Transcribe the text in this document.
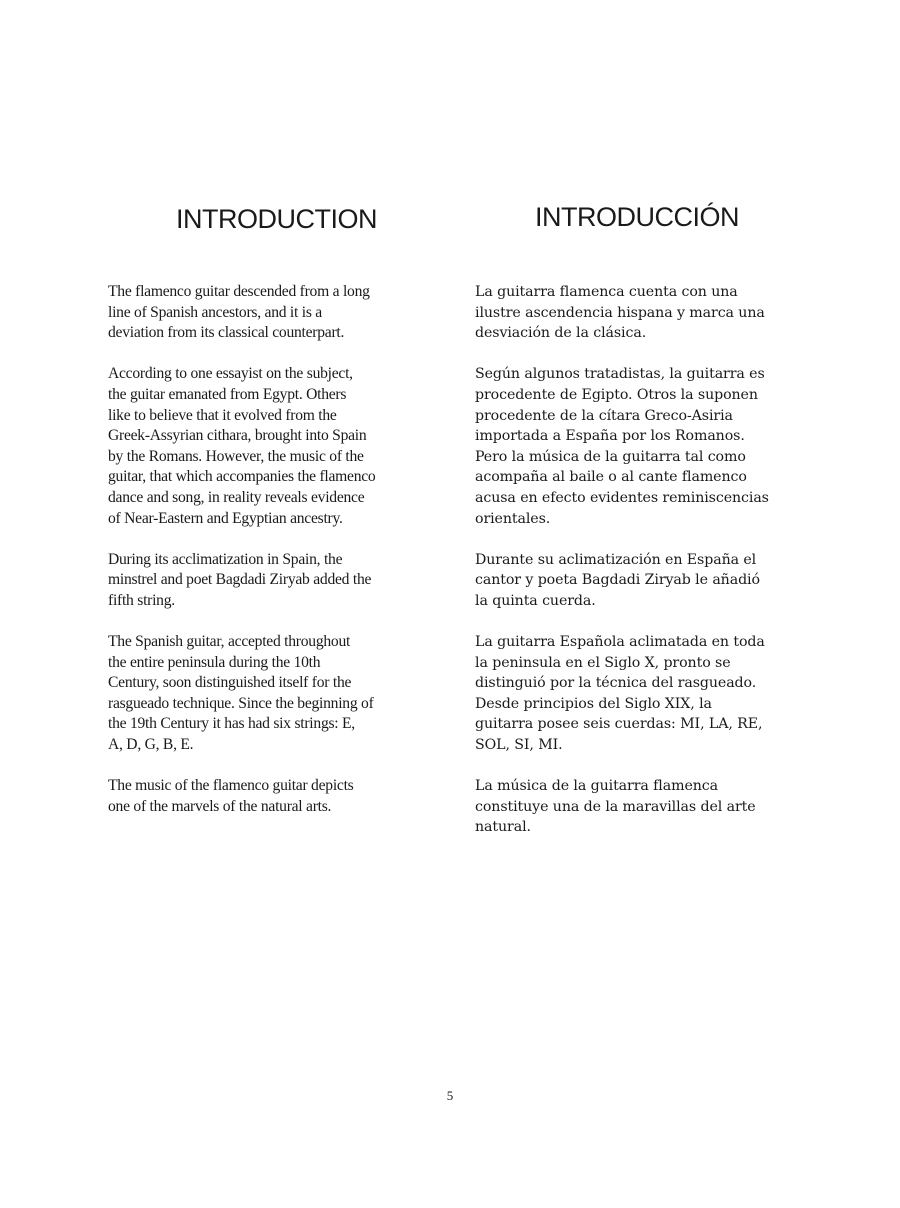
INTRODUCTION	INTRODUCCIÓN

The flamenco guitar descended from a long
line of Spanish ancestors, and it is a
deviation from its classical counterpart.

According to one essayist on the subject,
the guitar emanated from Egypt. Others
like to believe that it evolved from the
Greek-Assyrian cithara, brought into Spain
by the Romans. However, the music of the
guitar, that which accompanies the flamenco
dance and song, in reality reveals evidence
of Near-Eastern and Egyptian ancestry.

During its acclimatization in Spain, the
minstrel and poet Bagdadi Ziryab added the
fifth string.

The Spanish guitar, accepted throughout
the entire peninsula during the 10th
Century, soon distinguished itself for the
rasgueado technique. Since the beginning of
the 19th Century it has had six strings: E,
A, D, G, B, E.

The music of the flamenco guitar depicts
one of the marvels of the natural arts.

La guitarra flamenca cuenta con una
ilustre ascendencia hispana y marca una
desviación de la clásica.

Según algunos tratadistas, la guitarra es
procedente de Egipto. Otros la suponen
procedente de la cítara Greco-Asiria
importada a España por los Romanos.
Pero la música de la guitarra tal como
acompaña al baile o al cante flamenco
acusa en efecto evidentes reminiscencias
orientales.

Durante su aclimatización en España el
cantor y poeta Bagdadi Ziryab le añadió
la quinta cuerda.

La guitarra Española aclimatada en toda
la peninsula en el Siglo X, pronto se
distinguió por la técnica del rasgueado.
Desde principios del Siglo XIX, la
guitarra posee seis cuerdas: MI, LA, RE,
SOL, SI, MI.

La música de la guitarra flamenca
constituye una de la maravillas del arte
natural.

5
